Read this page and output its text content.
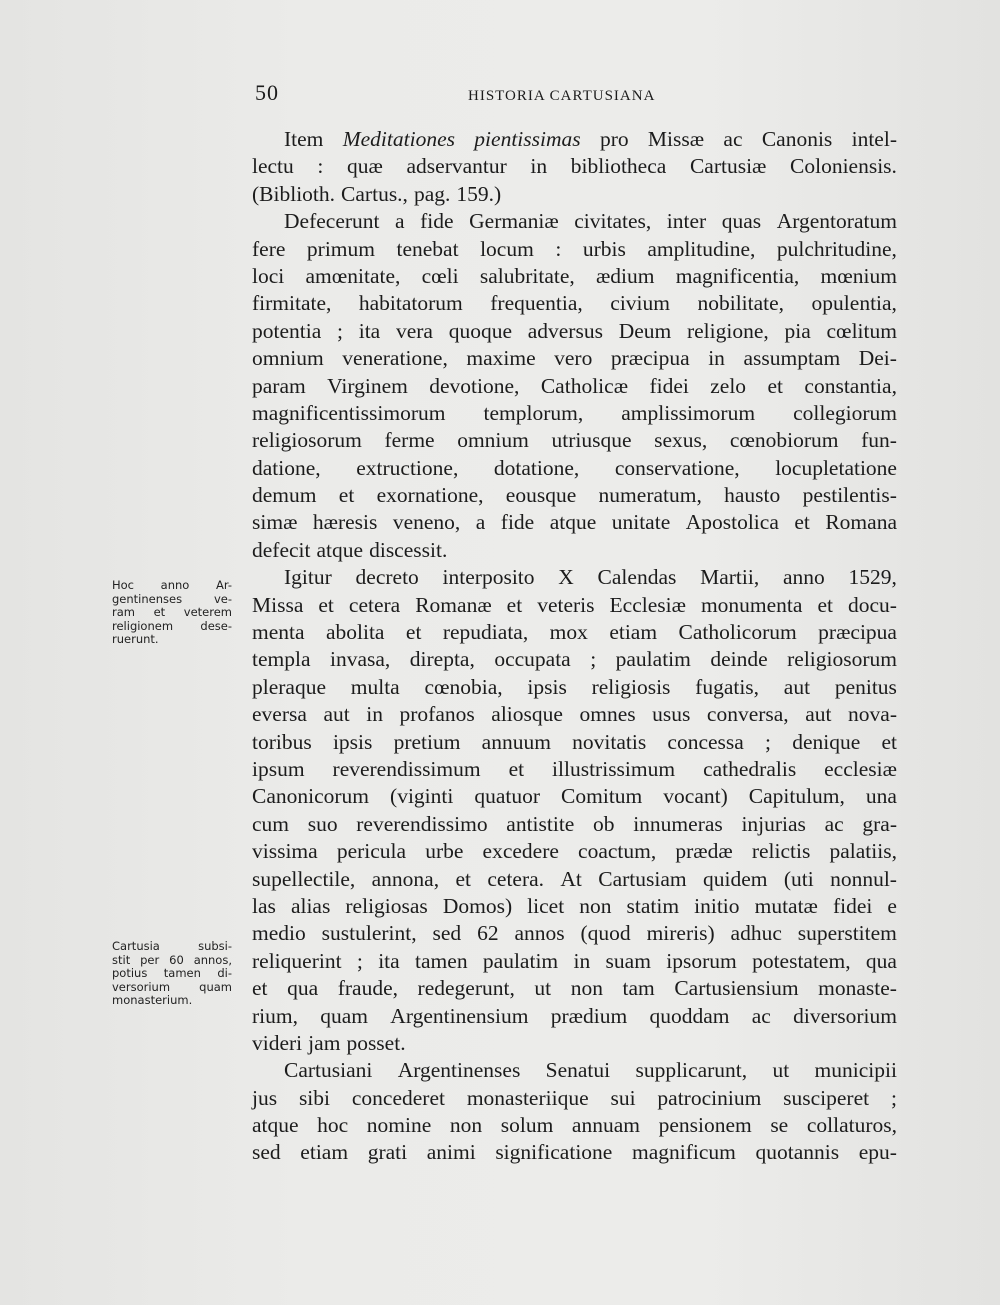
50	HISTORIA CARTUSIANA
Hoc anno Ar-
gentinenses	ve-
ram et veterem
religionem dese-
ruerunt.
Cartusia	subsi-
stit per 60 annos,
potius tamen di-
versorium	quam
monasterium.
Item Meditationes pientissimas pro Missæ ac Canonis intel-
lectu : quæ adservantur in bibliotheca Cartusiæ Coloniensis.
(Biblioth. Cartus., pag. 159.)
Defecerunt a fide Germaniæ civitates, inter quas Argentoratum
fere primum tenebat locum : urbis amplitudine, pulchritudine,
loci amœnitate, cœli salubritate, ædium magnificentia, mœnium
firmitate, habitatorum frequentia, civium nobilitate, opulentia,
potentia ; ita vera quoque adversus Deum religione, pia cœlitum
omnium veneratione, maxime vero præcipua in assumptam Dei-
param Virginem devotione, Catholicæ fidei zelo et constantia,
magnificentissimorum templorum, amplissimorum collegiorum
religiosorum ferme omnium utriusque sexus, cœnobiorum fun-
datione, extructione, dotatione, conservatione, locupletatione
demum et exornatione, eousque numeratum, hausto pestilentis-
simæ hæresis veneno, a fide atque unitate Apostolica et Romana
defecit atque discessit.
Igitur decreto interposito X Calendas Martii, anno 1529,
Missa et cetera Romanæ et veteris Ecclesiæ monumenta et docu-
menta abolita et repudiata, mox etiam Catholicorum præcipua
templa invasa, direpta, occupata ; paulatim deinde religiosorum
pleraque multa cœnobia, ipsis religiosis fugatis, aut penitus
eversa aut in profanos aliosque omnes usus conversa, aut nova-
toribus ipsis pretium annuum novitatis concessa ; denique et
ipsum reverendissimum et illustrissimum cathedralis ecclesiæ
Canonicorum (viginti quatuor Comitum vocant) Capitulum, una
cum suo reverendissimo antistite ob innumeras injurias ac gra-
vissima pericula urbe excedere coactum, prædæ relictis palatiis,
supellectile, annona, et cetera. At Cartusiam quidem (uti nonnul-
las alias religiosas Domos) licet non statim initio mutatæ fidei e
medio sustulerint, sed 62 annos (quod mireris) adhuc superstitem
reliquerint ; ita tamen paulatim in suam ipsorum potestatem, qua
et qua fraude, redegerunt, ut non tam Cartusiensium monaste-
rium, quam Argentinensium prædium quoddam ac diversorium
videri jam posset.
Cartusiani Argentinenses Senatui supplicarunt, ut municipii
jus sibi concederet monasteriique sui patrocinium susciperet ;
atque hoc nomine non solum annuam pensionem se collaturos,
sed etiam grati animi significatione magnificum quotannis epu-
